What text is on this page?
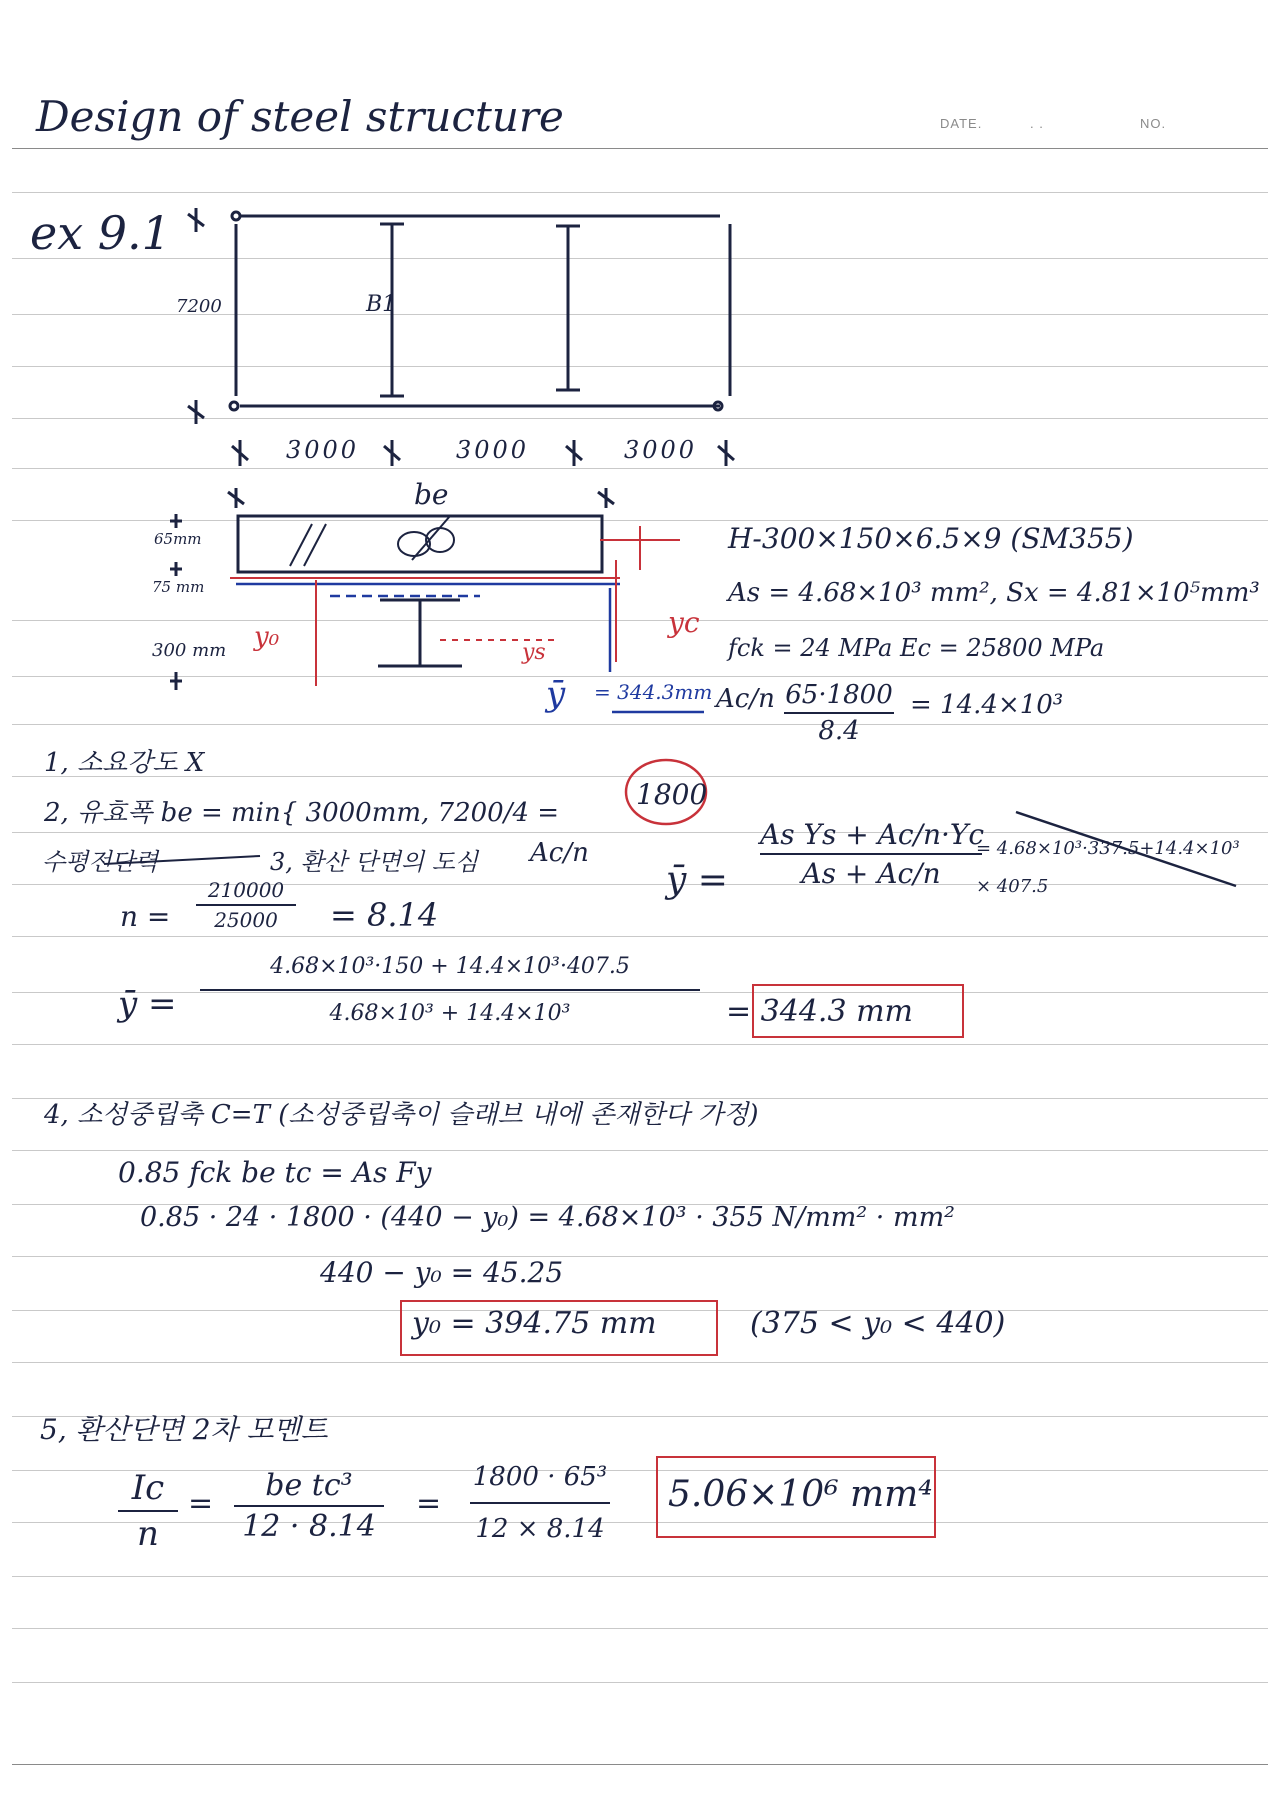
Design of steel structure	DATE.	. .	NO.
ex 9.1
7200	B1
3000	3000	3000
be
65mm
75 mm
300 mm y₀	yc
ys
ȳ = 344.3mm
H-300×150×6.5×9 (SM355)
As = 4.68×10³ mm², Sx = 4.81×10⁵mm³
fck = 24 MPa Ec = 25800 MPa
Ac/n 65·1800
8.4
= 14.4×10³
1, 소요강도 X
2, 유효폭 be = min{ 3000mm, 7200/4 =
1800
수평전단력	3, 환산 단면의 도심 Ac/n
n =
210000
25000	= 8.14
ȳ =
As Ys + Ac/n·Yc
As + Ac/n
= 4.68×10³·337.5+14.4×10³ × 407.5
ȳ =
4.68×10³·150 + 14.4×10³·407.5
4.68×10³ + 14.4×10³	= 344.3 mm
4, 소성중립축 C=T (소성중립축이 슬래브 내에 존재한다 가정)
0.85 fck be tc = As Fy
0.85 · 24 · 1800 · (440 − y₀) = 4.68×10³ · 355 N/mm² · mm²
440 − y₀ = 45.25
y₀ = 394.75 mm	(375 < y₀ < 440)
5, 환산단면 2차 모멘트
Ic
n
=
be tc³
12 · 8.14
=
1800 · 65³
12 × 8.14
5.06×10⁶ mm⁴
